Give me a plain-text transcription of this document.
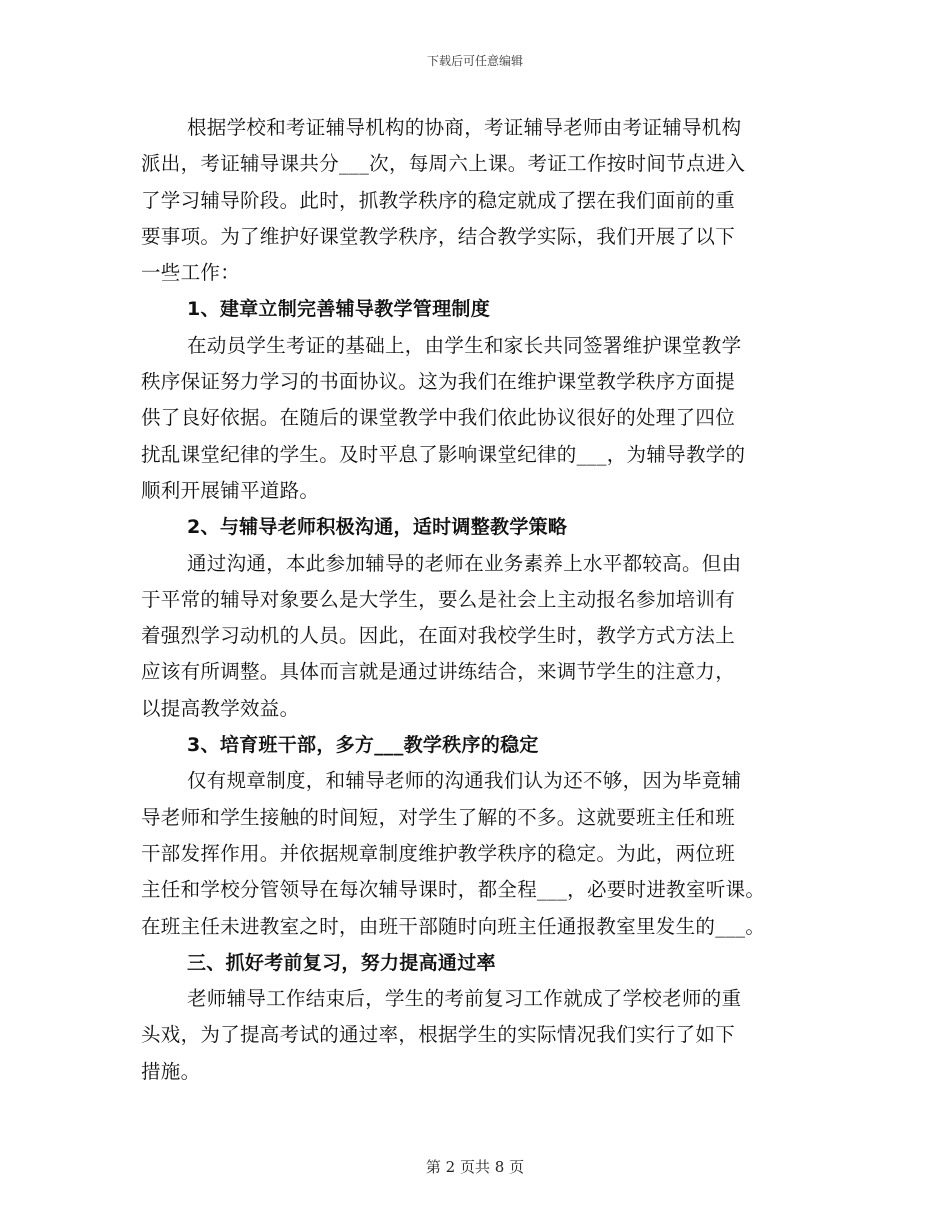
下载后可任意编辑
根据学校和考证辅导机构的协商，考证辅导老师由考证辅导机构
派出，考证辅导课共分___次，每周六上课。考证工作按时间节点进入
了学习辅导阶段。此时，抓教学秩序的稳定就成了摆在我们面前的重
要事项。为了维护好课堂教学秩序，结合教学实际，我们开展了以下
一些工作：
1、建章立制完善辅导教学管理制度
在动员学生考证的基础上，由学生和家长共同签署维护课堂教学
秩序保证努力学习的书面协议。这为我们在维护课堂教学秩序方面提
供了良好依据。在随后的课堂教学中我们依此协议很好的处理了四位
扰乱课堂纪律的学生。及时平息了影响课堂纪律的___，为辅导教学的
顺利开展铺平道路。
2、与辅导老师积极沟通，适时调整教学策略
通过沟通，本此参加辅导的老师在业务素养上水平都较高。但由
于平常的辅导对象要么是大学生，要么是社会上主动报名参加培训有
着强烈学习动机的人员。因此，在面对我校学生时，教学方式方法上
应该有所调整。具体而言就是通过讲练结合，来调节学生的注意力，
以提高教学效益。
3、培育班干部，多方___教学秩序的稳定
仅有规章制度，和辅导老师的沟通我们认为还不够，因为毕竟辅
导老师和学生接触的时间短，对学生了解的不多。这就要班主任和班
干部发挥作用。并依据规章制度维护教学秩序的稳定。为此，两位班
主任和学校分管领导在每次辅导课时，都全程___，必要时进教室听课。
在班主任未进教室之时，由班干部随时向班主任通报教室里发生的___。
三、抓好考前复习，努力提高通过率
老师辅导工作结束后，学生的考前复习工作就成了学校老师的重
头戏，为了提高考试的通过率，根据学生的实际情况我们实行了如下
措施。
第 2 页共 8 页
